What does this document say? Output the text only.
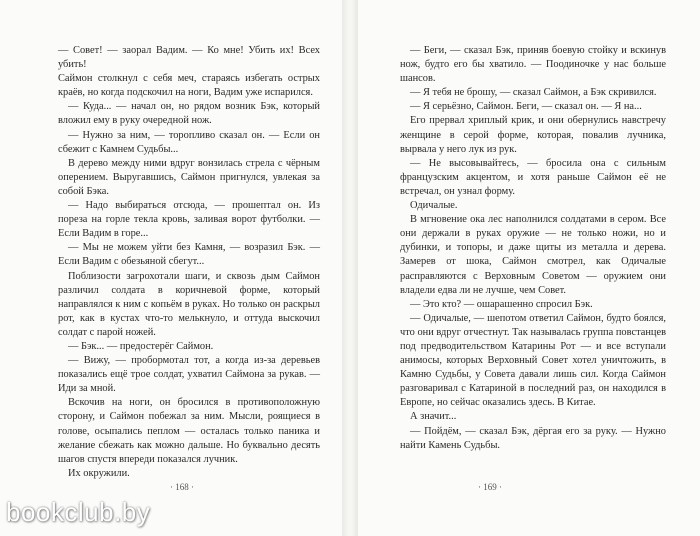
— Совет! — заорал Вадим. — Ко мне! Убить их! Всех убить!

Саймон столкнул с себя меч, стараясь избегать острых краёв, но когда подскочил на ноги, Вадим уже испарился.

— Куда... — начал он, но рядом возник Бэк, который вложил ему в руку очередной нож.

— Нужно за ним, — торопливо сказал он. — Если он сбежит с Камнем Судьбы...

В дерево между ними вдруг вонзилась стрела с чёрным оперением. Выругавшись, Саймон пригнулся, увлекая за собой Бэка.

— Надо выбираться отсюда, — прошептал он. Из пореза на горле текла кровь, заливая ворот футболки. — Если Вадим в горе...

— Мы не можем уйти без Камня, — возразил Бэк. — Если Вадим с обезьяной сбегут...

Поблизости загрохотали шаги, и сквозь дым Саймон различил солдата в коричневой форме, который направлялся к ним с копьём в руках. Но только он раскрыл рот, как в кустах что-то мелькнуло, и оттуда выскочил солдат с парой ножей.

— Бэк... — предостерёг Саймон.

— Вижу, — пробормотал тот, а когда из-за деревьев показались ещё трое солдат, ухватил Саймона за рукав. — Иди за мной.

Вскочив на ноги, он бросился в противоположную сторону, и Саймон побежал за ним. Мысли, роящиеся в голове, осыпались пеплом — осталась только паника и желание сбежать как можно дальше. Но буквально десять шагов спустя впереди показался лучник.

Их окружили.

· 168 ·

— Беги, — сказал Бэк, приняв боевую стойку и вскинув нож, будто его бы хватило. — Поодиночке у нас больше шансов.

— Я тебя не брошу, — сказал Саймон, а Бэк скривился.

— Я серьёзно, Саймон. Беги, — сказал он. — Я на...

Его прервал хриплый крик, и они обернулись навстречу женщине в серой форме, которая, повалив лучника, вырвала у него лук из рук.

— Не высовывайтесь, — бросила она с сильным французским акцентом, и хотя раньше Саймон её не встречал, он узнал форму.

Одичалые.

В мгновение ока лес наполнился солдатами в сером. Все они держали в руках оружие — не только ножи, но и дубинки, и топоры, и даже щиты из металла и дерева. Замерев от шока, Саймон смотрел, как Одичалые расправляются с Верховным Советом — оружием они владели едва ли не лучше, чем Совет.

— Это кто? — ошарашенно спросил Бэк.

— Одичалые, — шепотом ответил Саймон, будто боялся, что они вдруг отчестнут. Так называлась группа повстанцев под предводительством Катарины Рот — и все вступали анимосы, которых Верховный Совет хотел уничтожить, в Камню Судьбы, у Совета давали лишь сил. Когда Саймон разговаривал с Катариной в последний раз, он находился в Европе, но сейчас оказались здесь. В Китае.

А значит...

— Пойдём, — сказал Бэк, дёргая его за руку. — Нужно найти Камень Судьбы.

· 169 ·
bookclub.by
